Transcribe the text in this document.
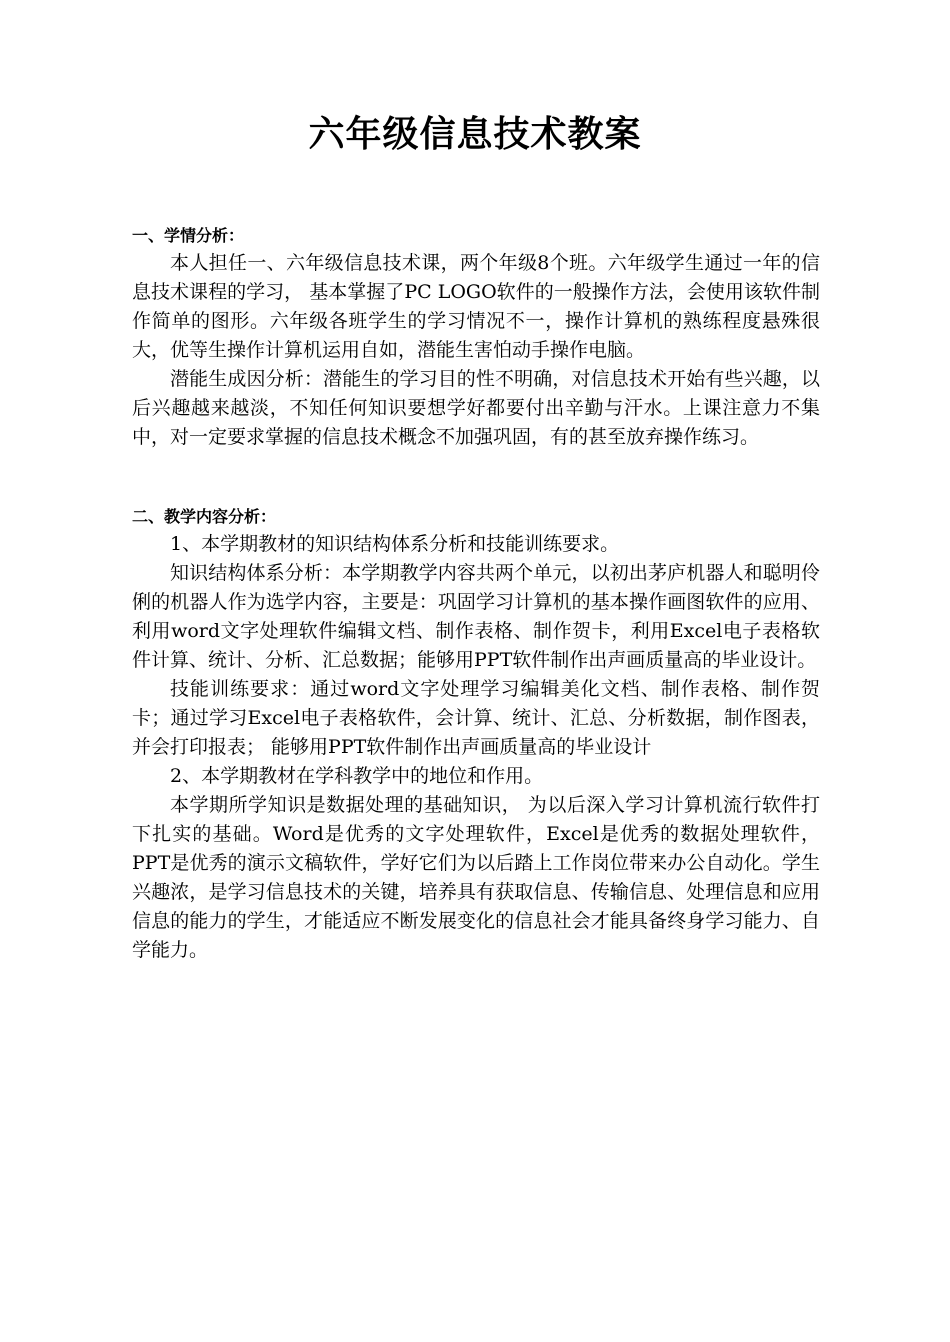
六年级信息技术教案

一、学情分析：

本人担任一、六年级信息技术课，两个年级8个班。六年级学生通过一年的信息技术课程的学习， 基本掌握了PC LOGO软件的一般操作方法，会使用该软件制作简单的图形。六年级各班学生的学习情况不一，操作计算机的熟练程度悬殊很大，优等生操作计算机运用自如，潜能生害怕动手操作电脑。

潜能生成因分析：潜能生的学习目的性不明确，对信息技术开始有些兴趣，以后兴趣越来越淡，不知任何知识要想学好都要付出辛勤与汗水。上课注意力不集中，对一定要求掌握的信息技术概念不加强巩固，有的甚至放弃操作练习。

二、教学内容分析：

1、本学期教材的知识结构体系分析和技能训练要求。

知识结构体系分析：本学期教学内容共两个单元，以初出茅庐机器人和聪明伶俐的机器人作为选学内容，主要是：巩固学习计算机的基本操作画图软件的应用、利用word文字处理软件编辑文档、制作表格、制作贺卡，利用Excel电子表格软件计算、统计、分析、汇总数据；能够用PPT软件制作出声画质量高的毕业设计。

技能训练要求：通过word文字处理学习编辑美化文档、制作表格、制作贺卡；通过学习Excel电子表格软件，会计算、统计、汇总、分析数据，制作图表， 并会打印报表； 能够用PPT软件制作出声画质量高的毕业设计

2、本学期教材在学科教学中的地位和作用。

本学期所学知识是数据处理的基础知识， 为以后深入学习计算机流行软件打下扎实的基础。Word是优秀的文字处理软件，Excel是优秀的数据处理软件，PPT是优秀的演示文稿软件，学好它们为以后踏上工作岗位带来办公自动化。学生兴趣浓，是学习信息技术的关键，培养具有获取信息、传输信息、处理信息和应用信息的能力的学生，才能适应不断发展变化的信息社会才能具备终身学习能力、自学能力。
